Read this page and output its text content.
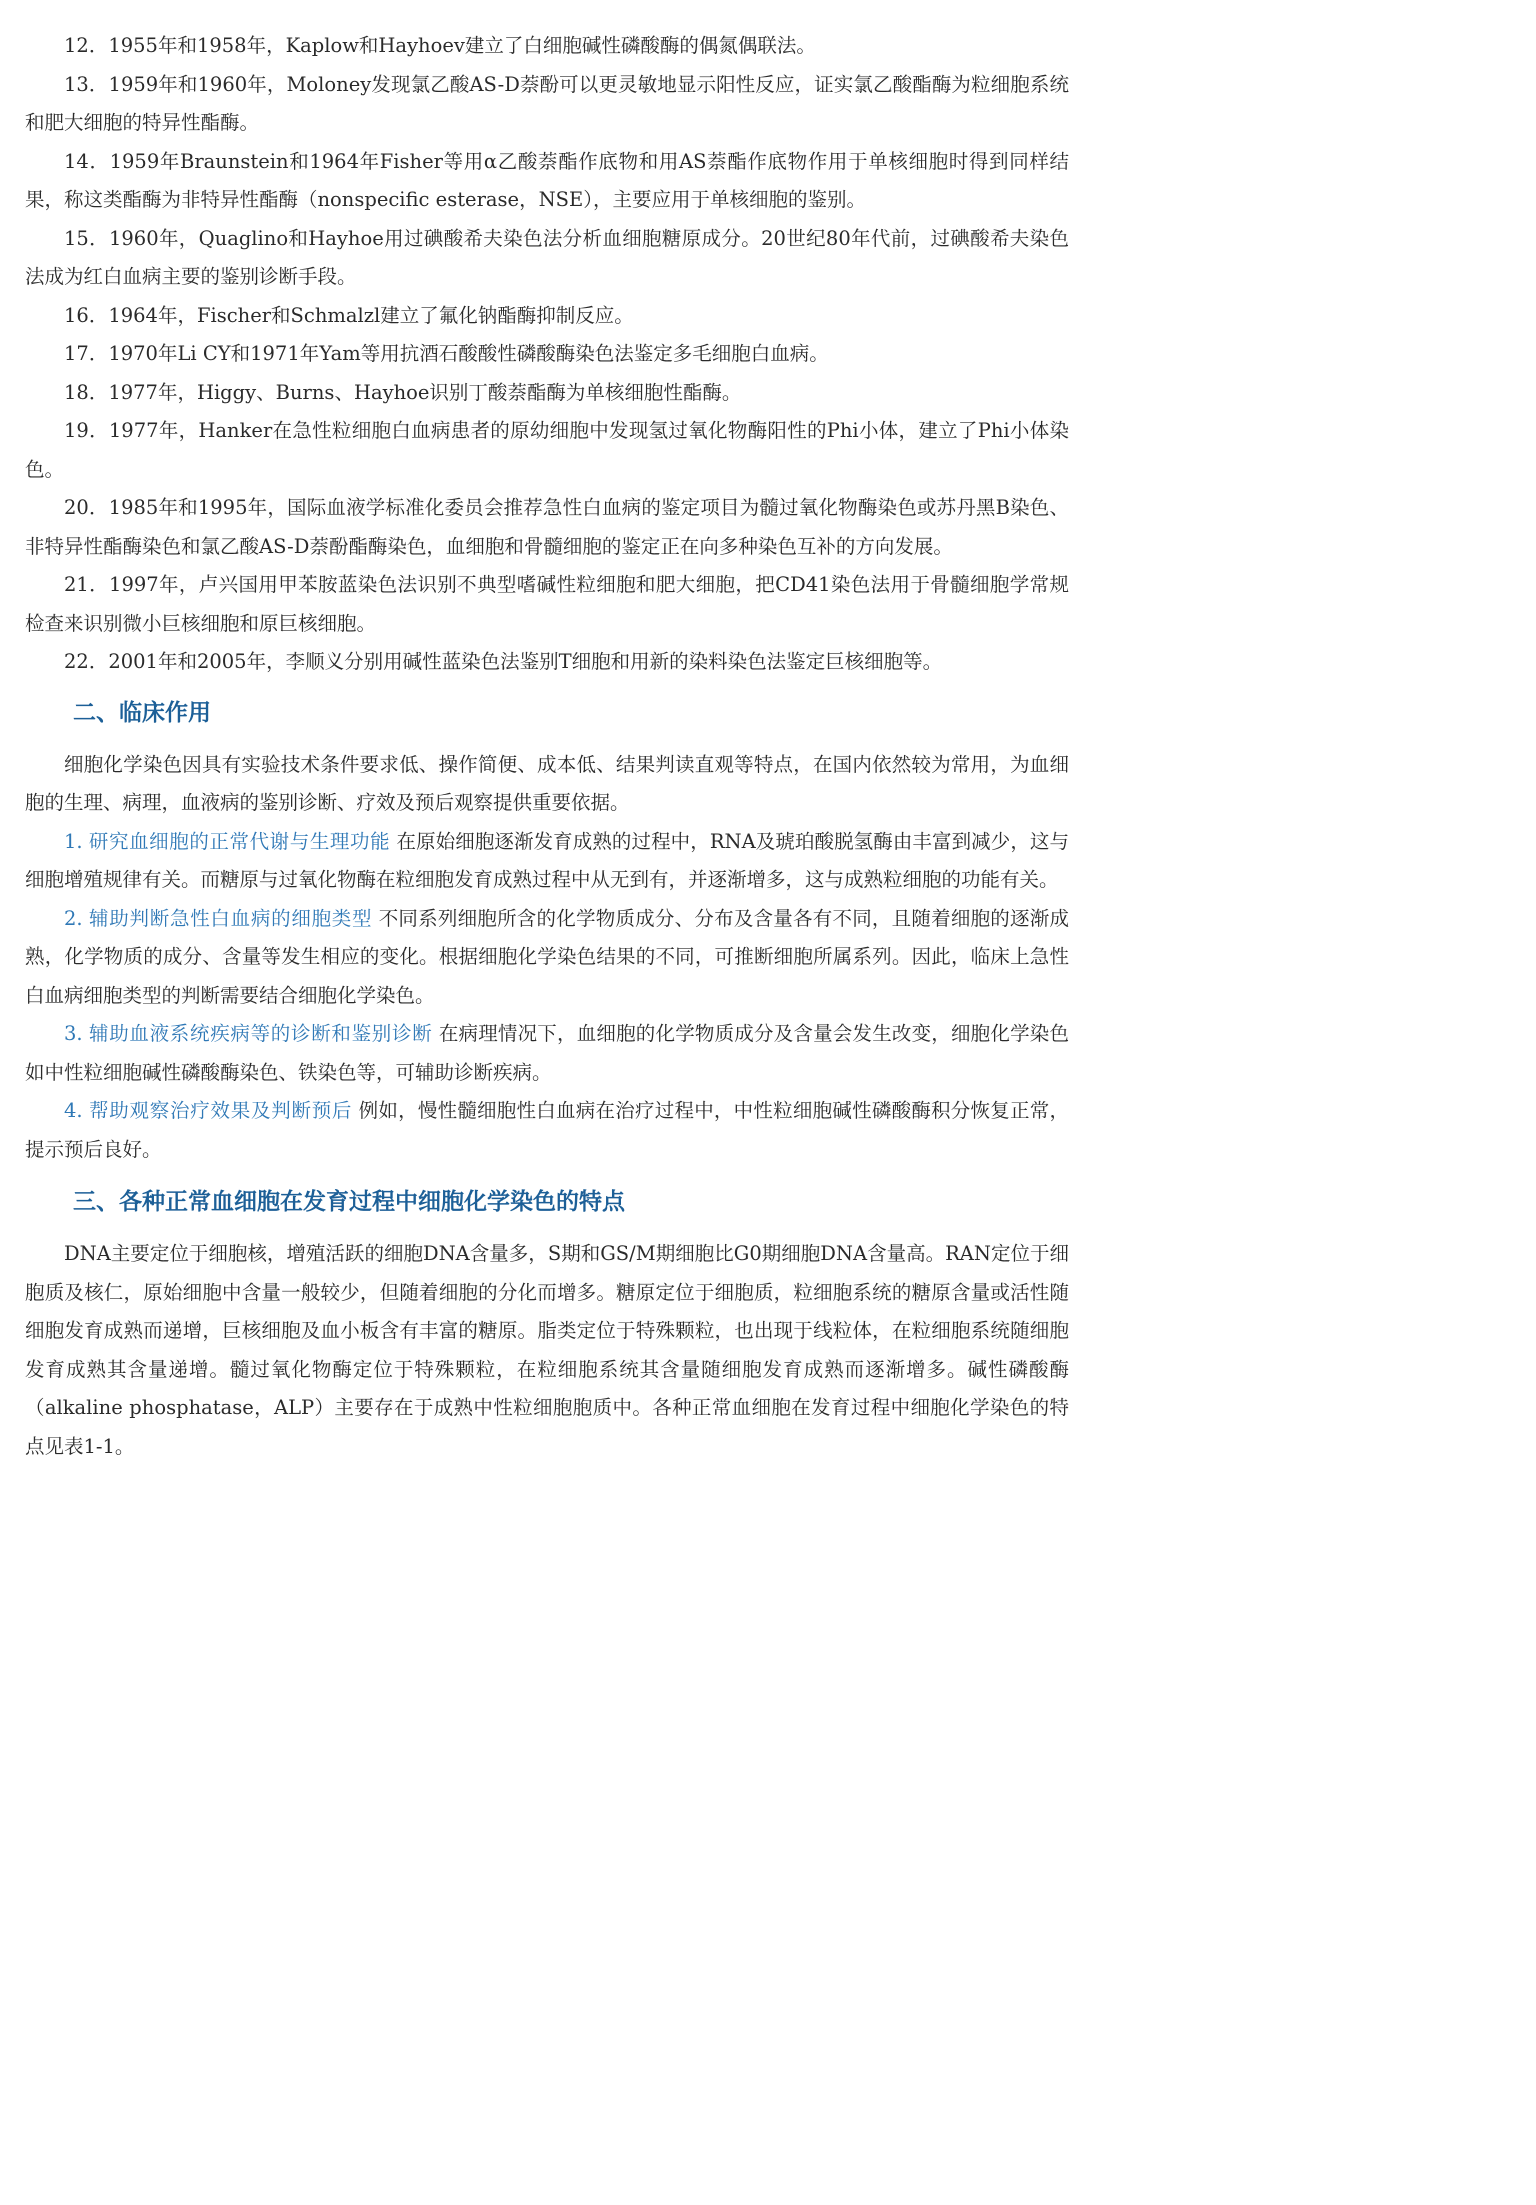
12．1955年和1958年，Kaplow和Hayhoev建立了白细胞碱性磷酸酶的偶氮偶联法。

13．1959年和1960年，Moloney发现氯乙酸AS-D萘酚可以更灵敏地显示阳性反应，证实氯乙酸酯酶为粒细胞系统和肥大细胞的特异性酯酶。

14．1959年Braunstein和1964年Fisher等用α乙酸萘酯作底物和用AS萘酯作底物作用于单核细胞时得到同样结果，称这类酯酶为非特异性酯酶（nonspecific esterase，NSE），主要应用于单核细胞的鉴别。

15．1960年，Quaglino和Hayhoe用过碘酸希夫染色法分析血细胞糖原成分。20世纪80年代前，过碘酸希夫染色法成为红白血病主要的鉴别诊断手段。

16．1964年，Fischer和Schmalzl建立了氟化钠酯酶抑制反应。

17．1970年Li CY和1971年Yam等用抗酒石酸酸性磷酸酶染色法鉴定多毛细胞白血病。

18．1977年，Higgy、Burns、Hayhoe识别丁酸萘酯酶为单核细胞性酯酶。

19．1977年，Hanker在急性粒细胞白血病患者的原幼细胞中发现氢过氧化物酶阳性的Phi小体，建立了Phi小体染色。

20．1985年和1995年，国际血液学标准化委员会推荐急性白血病的鉴定项目为髓过氧化物酶染色或苏丹黑B染色、非特异性酯酶染色和氯乙酸AS-D萘酚酯酶染色，血细胞和骨髓细胞的鉴定正在向多种染色互补的方向发展。

21．1997年，卢兴国用甲苯胺蓝染色法识别不典型嗜碱性粒细胞和肥大细胞，把CD41染色法用于骨髓细胞学常规检查来识别微小巨核细胞和原巨核细胞。

22．2001年和2005年，李顺义分别用碱性蓝染色法鉴别T细胞和用新的染料染色法鉴定巨核细胞等。

二、临床作用

细胞化学染色因具有实验技术条件要求低、操作简便、成本低、结果判读直观等特点，在国内依然较为常用，为血细胞的生理、病理，血液病的鉴别诊断、疗效及预后观察提供重要依据。

1. 研究血细胞的正常代谢与生理功能 在原始细胞逐渐发育成熟的过程中，RNA及琥珀酸脱氢酶由丰富到减少，这与细胞增殖规律有关。而糖原与过氧化物酶在粒细胞发育成熟过程中从无到有，并逐渐增多，这与成熟粒细胞的功能有关。

2. 辅助判断急性白血病的细胞类型 不同系列细胞所含的化学物质成分、分布及含量各有不同，且随着细胞的逐渐成熟，化学物质的成分、含量等发生相应的变化。根据细胞化学染色结果的不同，可推断细胞所属系列。因此，临床上急性白血病细胞类型的判断需要结合细胞化学染色。

3. 辅助血液系统疾病等的诊断和鉴别诊断 在病理情况下，血细胞的化学物质成分及含量会发生改变，细胞化学染色如中性粒细胞碱性磷酸酶染色、铁染色等，可辅助诊断疾病。

4. 帮助观察治疗效果及判断预后 例如，慢性髓细胞性白血病在治疗过程中，中性粒细胞碱性磷酸酶积分恢复正常，提示预后良好。

三、各种正常血细胞在发育过程中细胞化学染色的特点

DNA主要定位于细胞核，增殖活跃的细胞DNA含量多，S期和GS/M期细胞比G0期细胞DNA含量高。RAN定位于细胞质及核仁，原始细胞中含量一般较少，但随着细胞的分化而增多。糖原定位于细胞质，粒细胞系统的糖原含量或活性随细胞发育成熟而递增，巨核细胞及血小板含有丰富的糖原。脂类定位于特殊颗粒，也出现于线粒体，在粒细胞系统随细胞发育成熟其含量递增。髓过氧化物酶定位于特殊颗粒，在粒细胞系统其含量随细胞发育成熟而逐渐增多。碱性磷酸酶（alkaline phosphatase，ALP）主要存在于成熟中性粒细胞胞质中。各种正常血细胞在发育过程中细胞化学染色的特点见表1-1。
